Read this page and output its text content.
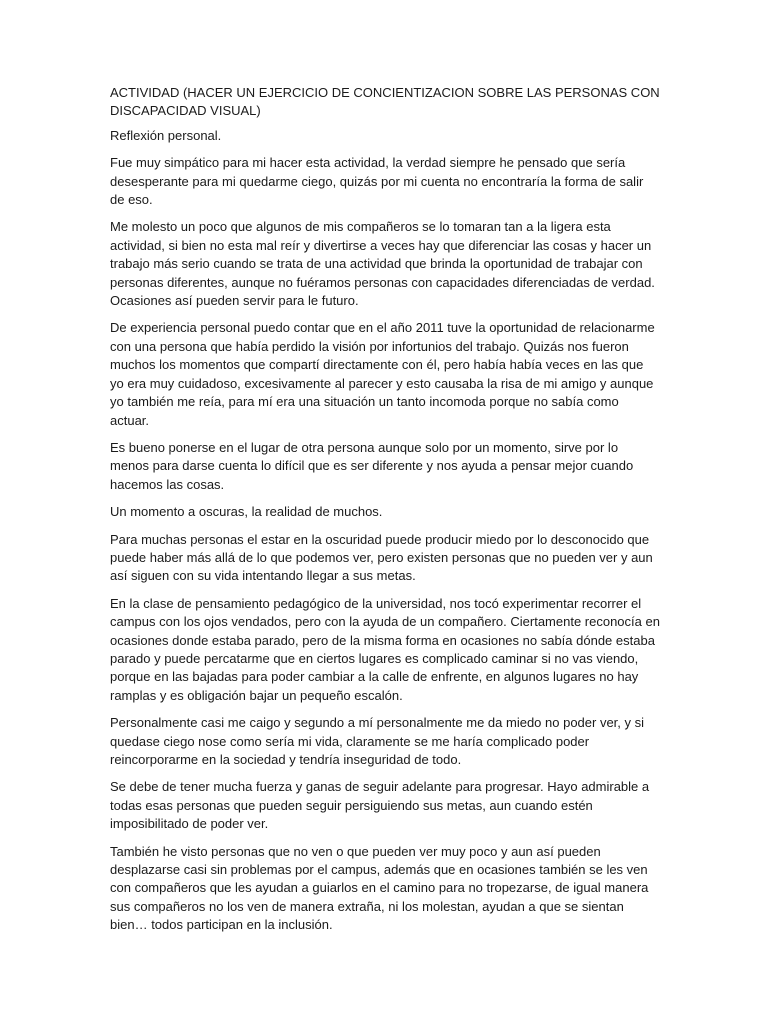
ACTIVIDAD (HACER UN EJERCICIO DE CONCIENTIZACION SOBRE LAS PERSONAS CON DISCAPACIDAD VISUAL)

Reflexión personal.

Fue muy simpático para mi hacer esta actividad, la verdad siempre he pensado que sería desesperante para mi quedarme ciego, quizás por mi cuenta no encontraría la forma de salir de eso.

Me molesto un poco que algunos de mis compañeros se lo tomaran tan a la ligera esta actividad, si bien no esta mal reír y divertirse a veces hay que diferenciar las cosas y hacer un trabajo más serio cuando se trata de una actividad que brinda la oportunidad de trabajar con personas diferentes, aunque no fuéramos personas con capacidades diferenciadas de verdad. Ocasiones así pueden servir para le futuro.

De experiencia personal puedo contar que en el año 2011 tuve la oportunidad de relacionarme con una persona que había perdido la visión por infortunios del trabajo. Quizás nos fueron muchos los momentos que compartí directamente con él, pero había había veces en las que yo era muy cuidadoso, excesivamente al parecer y esto causaba la risa de mi amigo y aunque yo también me reía, para mí era una situación un tanto incomoda porque no sabía como actuar.

Es bueno ponerse en el lugar de otra persona aunque solo por un momento, sirve por lo menos para darse cuenta lo difícil que es ser diferente y nos ayuda a pensar mejor cuando hacemos las cosas.

Un momento a oscuras, la realidad de muchos.

Para muchas personas el estar en la oscuridad puede producir miedo por lo desconocido que puede haber más allá de lo que podemos ver, pero existen personas que no pueden ver y aun así siguen con su vida intentando llegar a sus metas.

En la clase de pensamiento pedagógico de la universidad, nos tocó experimentar recorrer el campus con los ojos vendados, pero con la ayuda de un compañero. Ciertamente reconocía en ocasiones donde estaba parado, pero de la misma forma en ocasiones no sabía dónde estaba parado y puede percatarme que en ciertos lugares es complicado caminar si no vas viendo, porque en las bajadas para poder cambiar a la calle de enfrente, en algunos lugares no hay ramplas y es obligación bajar un pequeño escalón.

Personalmente casi me caigo y segundo a mí personalmente me da miedo no poder ver, y si quedase ciego nose como sería mi vida, claramente se me haría complicado poder reincorporarme en la sociedad y tendría inseguridad de todo.

Se debe de tener mucha fuerza y ganas de seguir adelante para progresar. Hayo admirable a todas esas personas que pueden seguir persiguiendo sus metas, aun cuando estén imposibilitado de poder ver.

También he visto personas que no ven o que pueden ver muy poco y aun así pueden desplazarse casi sin problemas por el campus, además que en ocasiones también se les ven con compañeros que les ayudan a guiarlos en el camino para no tropezarse, de igual manera sus compañeros no los ven de manera extraña, ni los molestan, ayudan a que se sientan bien… todos participan en la inclusión.
